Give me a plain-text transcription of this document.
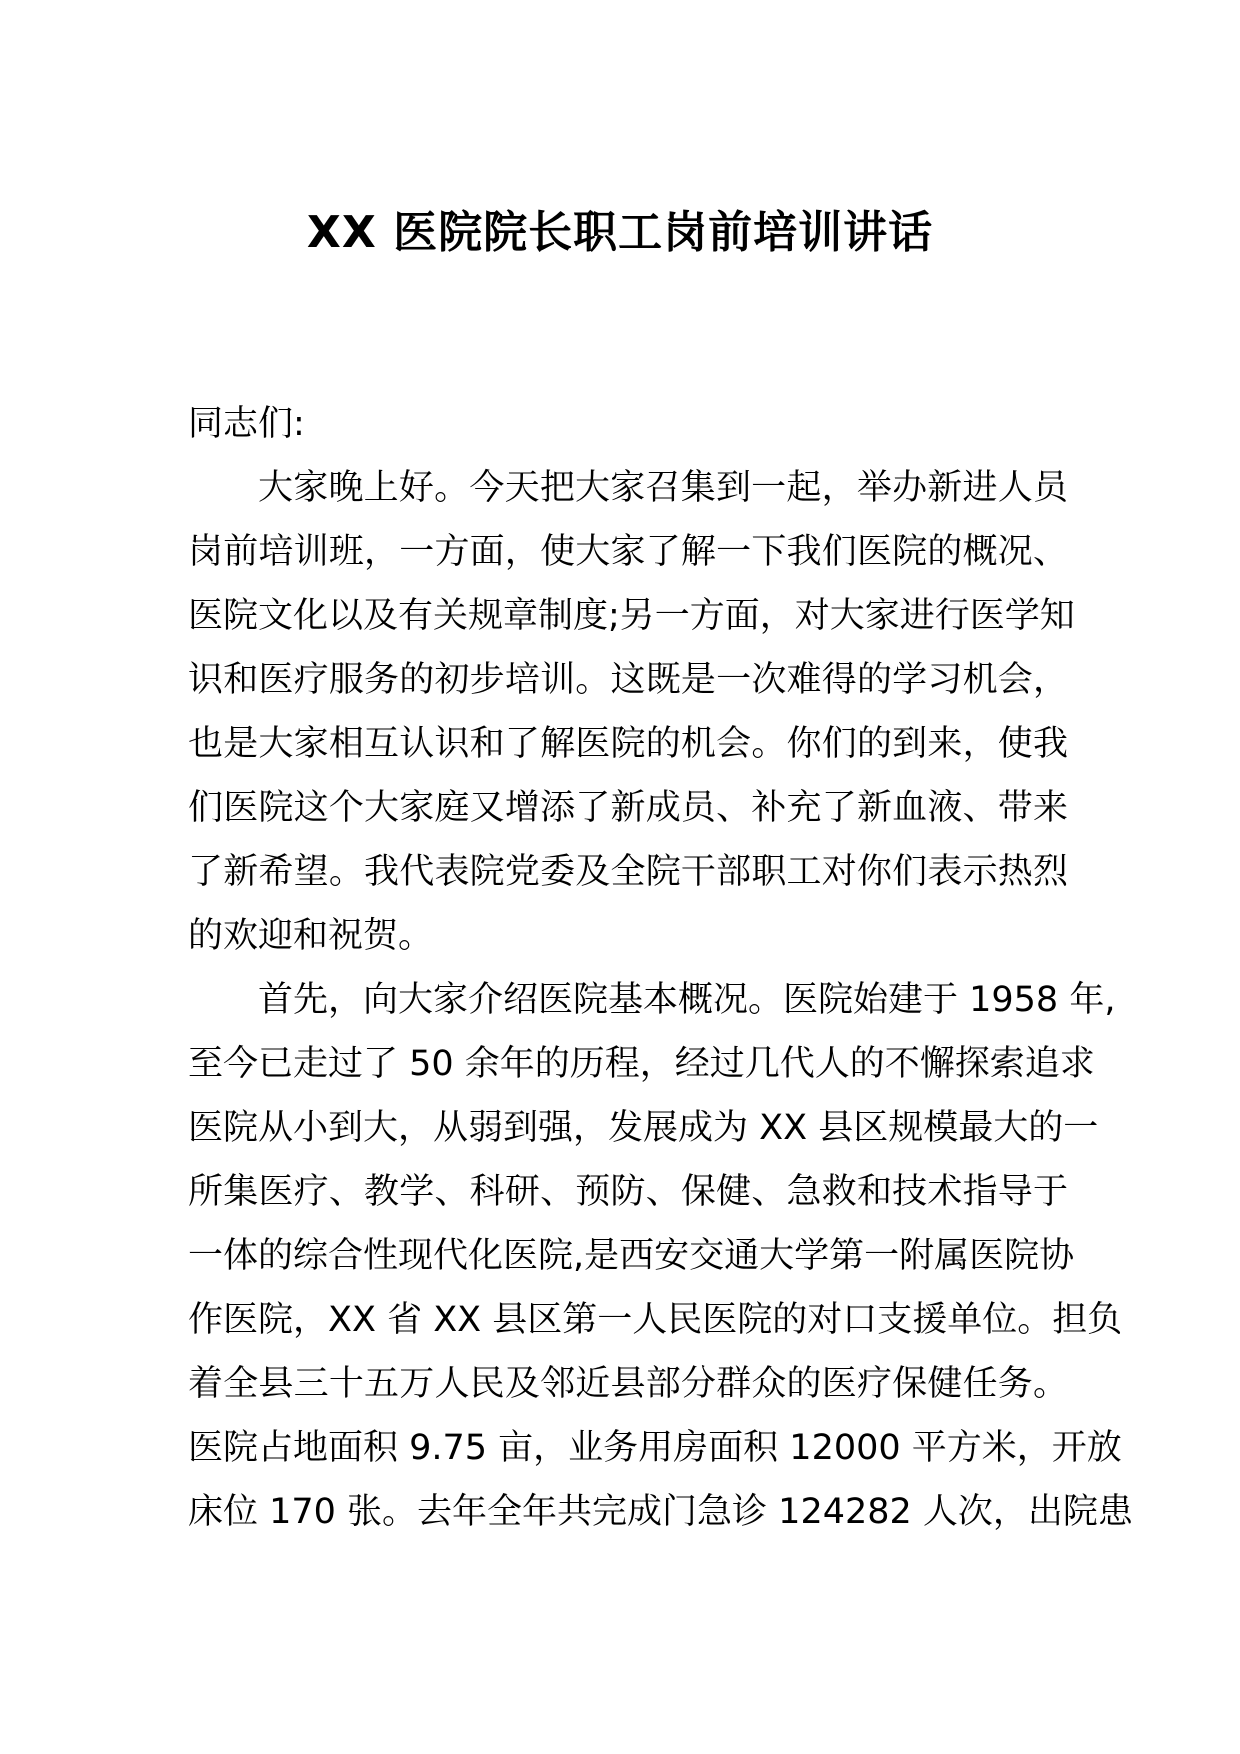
XX 医院院长职工岗前培训讲话
同志们:
大家晚上好。今天把大家召集到一起，举办新进人员
岗前培训班，一方面，使大家了解一下我们医院的概况、
医院文化以及有关规章制度;另一方面，对大家进行医学知
识和医疗服务的初步培训。这既是一次难得的学习机会，
也是大家相互认识和了解医院的机会。你们的到来，使我
们医院这个大家庭又增添了新成员、补充了新血液、带来
了新希望。我代表院党委及全院干部职工对你们表示热烈
的欢迎和祝贺。
首先，向大家介绍医院基本概况。医院始建于 1958 年,
至今已走过了 50 余年的历程，经过几代人的不懈探索追求
医院从小到大，从弱到强，发展成为 XX 县区规模最大的一
所集医疗、教学、科研、预防、保健、急救和技术指导于
一体的综合性现代化医院,是西安交通大学第一附属医院协
作医院，XX 省 XX 县区第一人民医院的对口支援单位。担负
着全县三十五万人民及邻近县部分群众的医疗保健任务。
医院占地面积 9.75 亩，业务用房面积 12000 平方米，开放
床位 170 张。去年全年共完成门急诊 124282 人次，出院患
